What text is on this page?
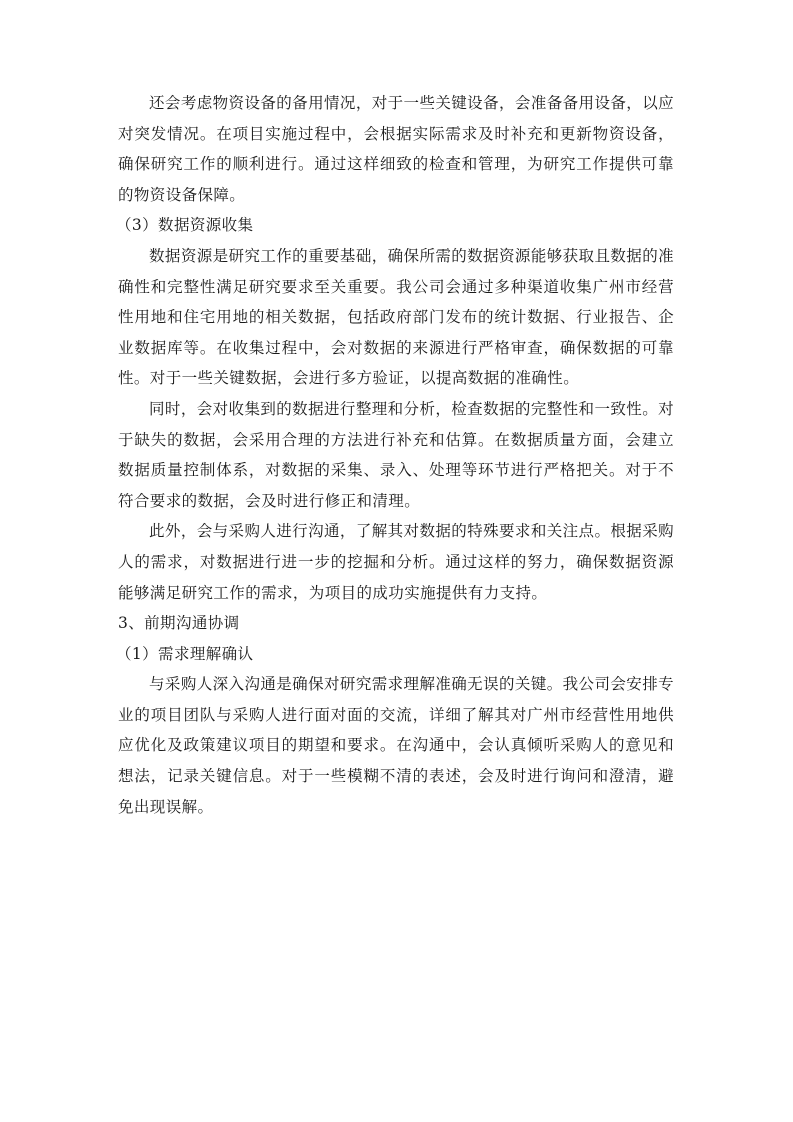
还会考虑物资设备的备用情况，对于一些关键设备，会准备备用设备，以应对突发情况。在项目实施过程中，会根据实际需求及时补充和更新物资设备，确保研究工作的顺利进行。通过这样细致的检查和管理，为研究工作提供可靠的物资设备保障。

（3）数据资源收集

数据资源是研究工作的重要基础，确保所需的数据资源能够获取且数据的准确性和完整性满足研究要求至关重要。我公司会通过多种渠道收集广州市经营性用地和住宅用地的相关数据，包括政府部门发布的统计数据、行业报告、企业数据库等。在收集过程中，会对数据的来源进行严格审查，确保数据的可靠性。对于一些关键数据，会进行多方验证，以提高数据的准确性。

同时，会对收集到的数据进行整理和分析，检查数据的完整性和一致性。对于缺失的数据，会采用合理的方法进行补充和估算。在数据质量方面，会建立数据质量控制体系，对数据的采集、录入、处理等环节进行严格把关。对于不符合要求的数据，会及时进行修正和清理。

此外，会与采购人进行沟通，了解其对数据的特殊要求和关注点。根据采购人的需求，对数据进行进一步的挖掘和分析。通过这样的努力，确保数据资源能够满足研究工作的需求，为项目的成功实施提供有力支持。

3、前期沟通协调

（1）需求理解确认

与采购人深入沟通是确保对研究需求理解准确无误的关键。我公司会安排专业的项目团队与采购人进行面对面的交流，详细了解其对广州市经营性用地供应优化及政策建议项目的期望和要求。在沟通中，会认真倾听采购人的意见和想法，记录关键信息。对于一些模糊不清的表述，会及时进行询问和澄清，避免出现误解。
